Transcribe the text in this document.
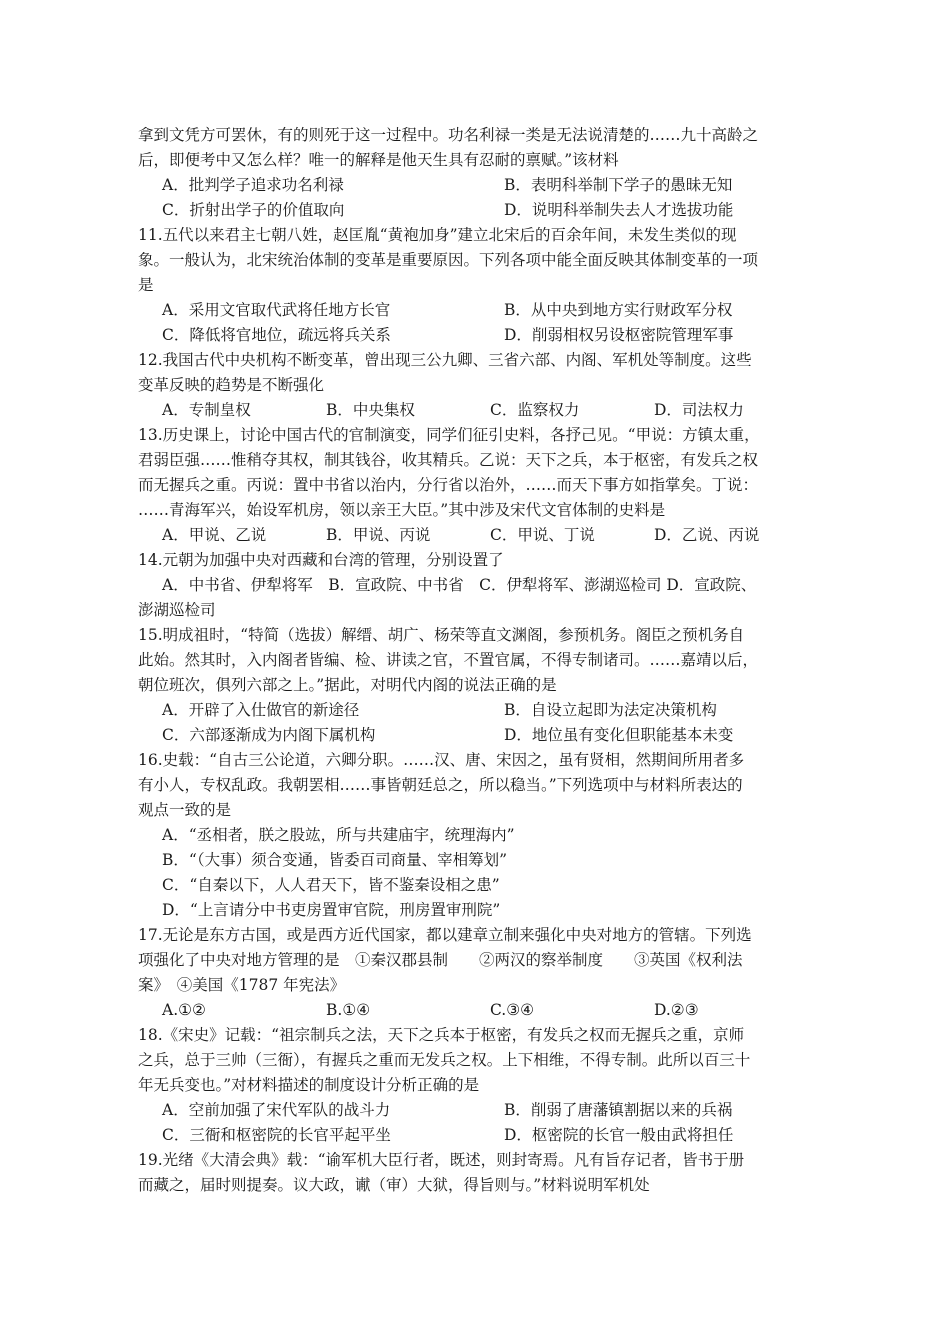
拿到文凭方可罢休，有的则死于这一过程中。功名利禄一类是无法说清楚的……九十高龄之
后，即便考中又怎么样？唯一的解释是他天生具有忍耐的禀赋。”该材料
A．批判学子追求功名利禄	B．表明科举制下学子的愚昧无知
C．折射出学子的价值取向	D．说明科举制失去人才选拔功能
11.五代以来君主七朝八姓，赵匡胤“黄袍加身”建立北宋后的百余年间，未发生类似的现
象。一般认为，北宋统治体制的变革是重要原因。下列各项中能全面反映其体制变革的一项
是
A．采用文官取代武将任地方长官	B．从中央到地方实行财政军分权
C．降低将官地位，疏远将兵关系	D．削弱相权另设枢密院管理军事
12.我国古代中央机构不断变革，曾出现三公九卿、三省六部、内阁、军机处等制度。这些
变革反映的趋势是不断强化
A．专制皇权	B．中央集权	C．监察权力	D．司法权力
13.历史课上，讨论中国古代的官制演变，同学们征引史料，各抒己见。“甲说：方镇太重，
君弱臣强……惟稍夺其权，制其钱谷，收其精兵。乙说：天下之兵，本于枢密，有发兵之权
而无握兵之重。丙说：置中书省以治内，分行省以治外，……而天下事方如指掌矣。丁说：
……青海军兴，始设军机房，领以亲王大臣。”其中涉及宋代文官体制的史料是
A．甲说、乙说	B．甲说、丙说	C．甲说、丁说	D．乙说、丙说
14.元朝为加强中央对西藏和台湾的管理，分别设置了
A．中书省、伊犁将军　B．宣政院、中书省　C．伊犁将军、澎湖巡检司 D．宣政院、
澎湖巡检司
15.明成祖时，“特简（选拔）解缙、胡广、杨荣等直文渊阁，参预机务。阁臣之预机务自
此始。然其时，入内阁者皆编、检、讲读之官，不置官属，不得专制诸司。……嘉靖以后，
朝位班次，俱列六部之上。”据此，对明代内阁的说法正确的是
A．开辟了入仕做官的新途径	B．自设立起即为法定决策机构
C．六部逐渐成为内阁下属机构	D．地位虽有变化但职能基本未变
16.史载：“自古三公论道，六卿分职。……汉、唐、宋因之，虽有贤相，然期间所用者多
有小人，专权乱政。我朝罢相……事皆朝廷总之，所以稳当。”下列选项中与材料所表达的
观点一致的是
A．“丞相者，朕之股竑，所与共建庙宇，统理海内”
B．“（大事）须合变通，皆委百司商量、宰相筹划”
C．“自秦以下，人人君天下，皆不鉴秦设相之患”
D．“上言请分中书吏房置审官院，刑房置审刑院”
17.无论是东方古国，或是西方近代国家，都以建章立制来强化中央对地方的管辖。下列选
项强化了中央对地方管理的是　①秦汉郡县制　　②两汉的察举制度　　③英国《权利法
案》　④美国《1787 年宪法》
A.①②	B.①④	C.③④	D.②③
18.《宋史》记载：“祖宗制兵之法，天下之兵本于枢密，有发兵之权而无握兵之重，京师
之兵，总于三帅（三衙），有握兵之重而无发兵之权。上下相维，不得专制。此所以百三十
年无兵变也。”对材料描述的制度设计分析正确的是
A．空前加强了宋代军队的战斗力	B．削弱了唐藩镇割据以来的兵祸
C．三衙和枢密院的长官平起平坐	D．枢密院的长官一般由武将担任
19.光绪《大清会典》载：“谕军机大臣行者，既述，则封寄焉。凡有旨存记者，皆书于册
而藏之，届时则提奏。议大政，谳（审）大狱，得旨则与。”材料说明军机处
